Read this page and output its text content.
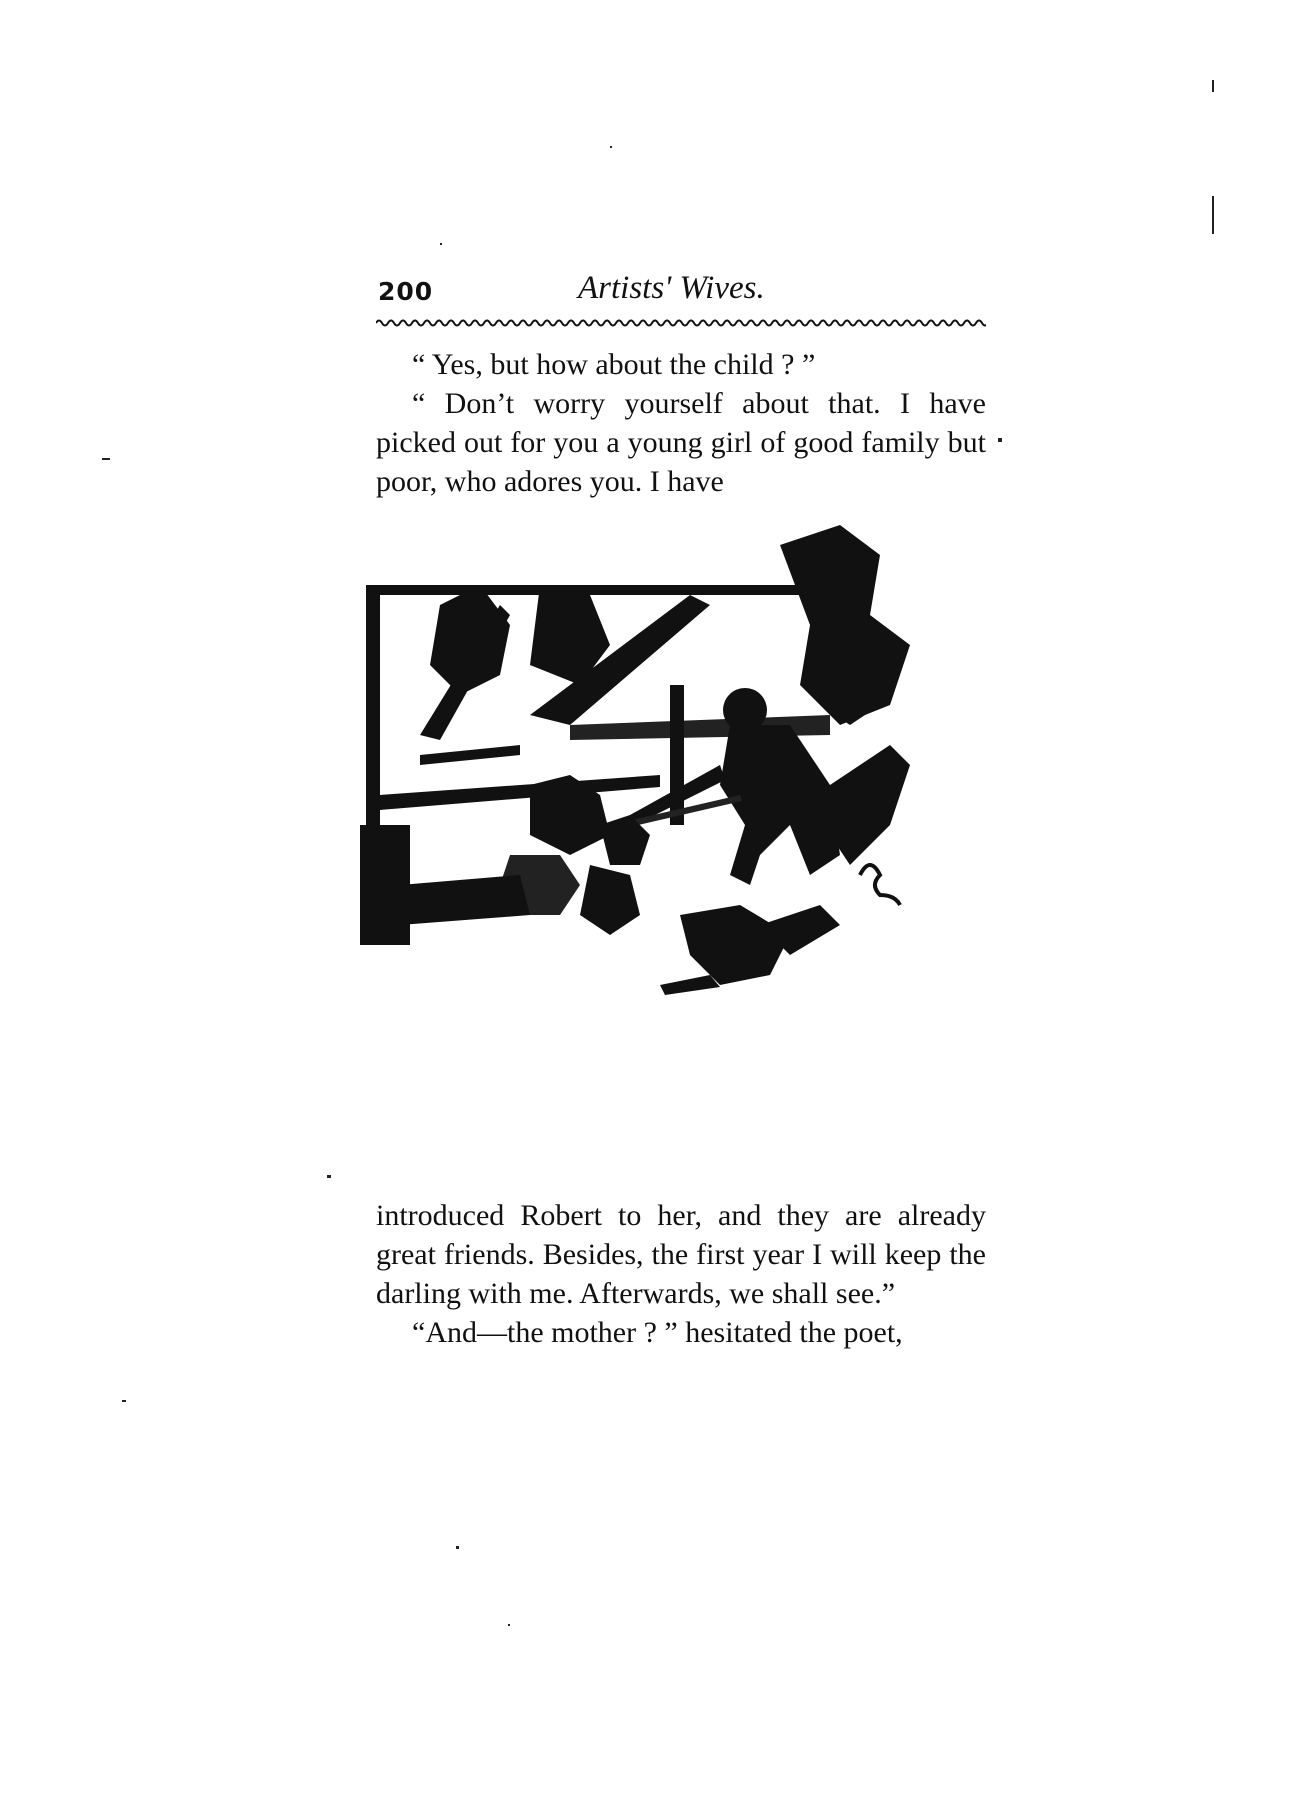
200	Artists' Wives.

“ Yes, but how about the child ? ”

“ Don’t worry yourself about that. I have picked out for you a young girl of good family but poor, who adores you. I have

introduced Robert to her, and they are already great friends. Besides, the first year I will keep the darling with me. Afterwards, we shall see.”

“And—the mother ? ” hesitated the poet,
